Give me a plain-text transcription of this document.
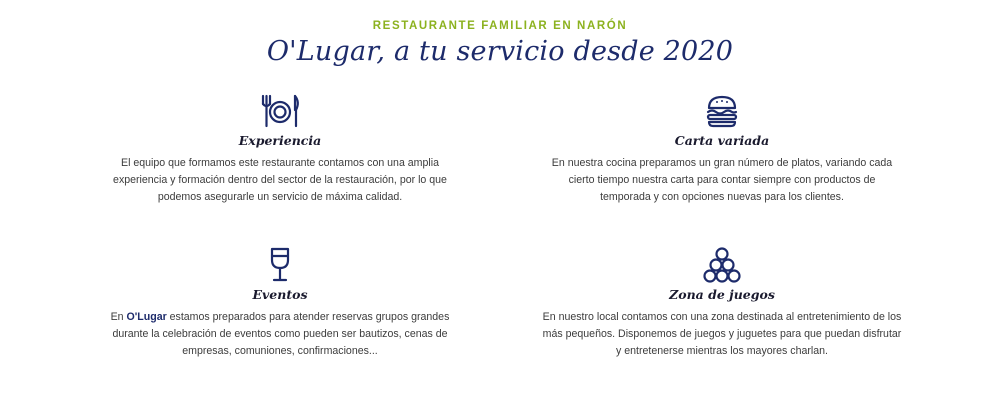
RESTAURANTE FAMILIAR EN NARÓN
O'Lugar, a tu servicio desde 2020
Experiencia
El equipo que formamos este restaurante contamos con una amplia
experiencia y formación dentro del sector de la restauración, por lo que
podemos asegurarle un servicio de máxima calidad.
Carta variada
En nuestra cocina preparamos un gran número de platos, variando cada
cierto tiempo nuestra carta para contar siempre con productos de
temporada y con opciones nuevas para los clientes.
Eventos
En O'Lugar estamos preparados para atender reservas grupos grandes
durante la celebración de eventos como pueden ser bautizos, cenas de
empresas, comuniones, confirmaciones...
Zona de juegos
En nuestro local contamos con una zona destinada al entretenimiento de los
más pequeños. Disponemos de juegos y juguetes para que puedan disfrutar
y entretenerse mientras los mayores charlan.
